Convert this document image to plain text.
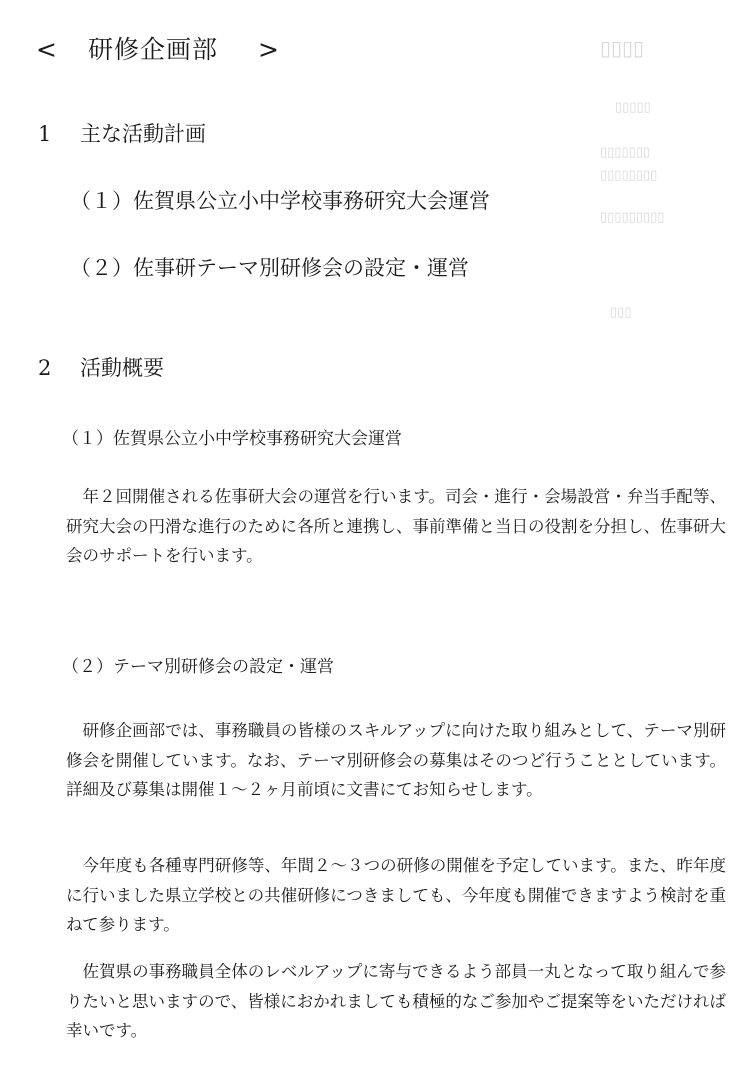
▯▯▯▯
▯▯▯▯▯
▯▯▯▯▯▯▯
▯▯▯▯▯▯▯▯
▯▯▯▯▯▯▯▯▯
▯▯▯
< 研修企画部 >
1 主な活動計画
（１）佐賀県公立小中学校事務研究大会運営
（２）佐事研テーマ別研修会の設定・運営
2 活動概要
（１）佐賀県公立小中学校事務研究大会運営

年２回開催される佐事研大会の運営を行います。司会・進行・会場設営・弁当手配等、研究大会の円滑な進行のために各所と連携し、事前準備と当日の役割を分担し、佐事研大会のサポートを行います。

（２）テーマ別研修会の設定・運営

研修企画部では、事務職員の皆様のスキルアップに向けた取り組みとして、テーマ別研修会を開催しています。なお、テーマ別研修会の募集はそのつど行うこととしています。詳細及び募集は開催１～２ヶ月前頃に文書にてお知らせします。

今年度も各種専門研修等、年間２～３つの研修の開催を予定しています。また、昨年度に行いました県立学校との共催研修につきましても、今年度も開催できますよう検討を重ねて参ります。

佐賀県の事務職員全体のレベルアップに寄与できるよう部員一丸となって取り組んで参りたいと思いますので、皆様におかれましても積極的なご参加やご提案等をいただければ幸いです。
